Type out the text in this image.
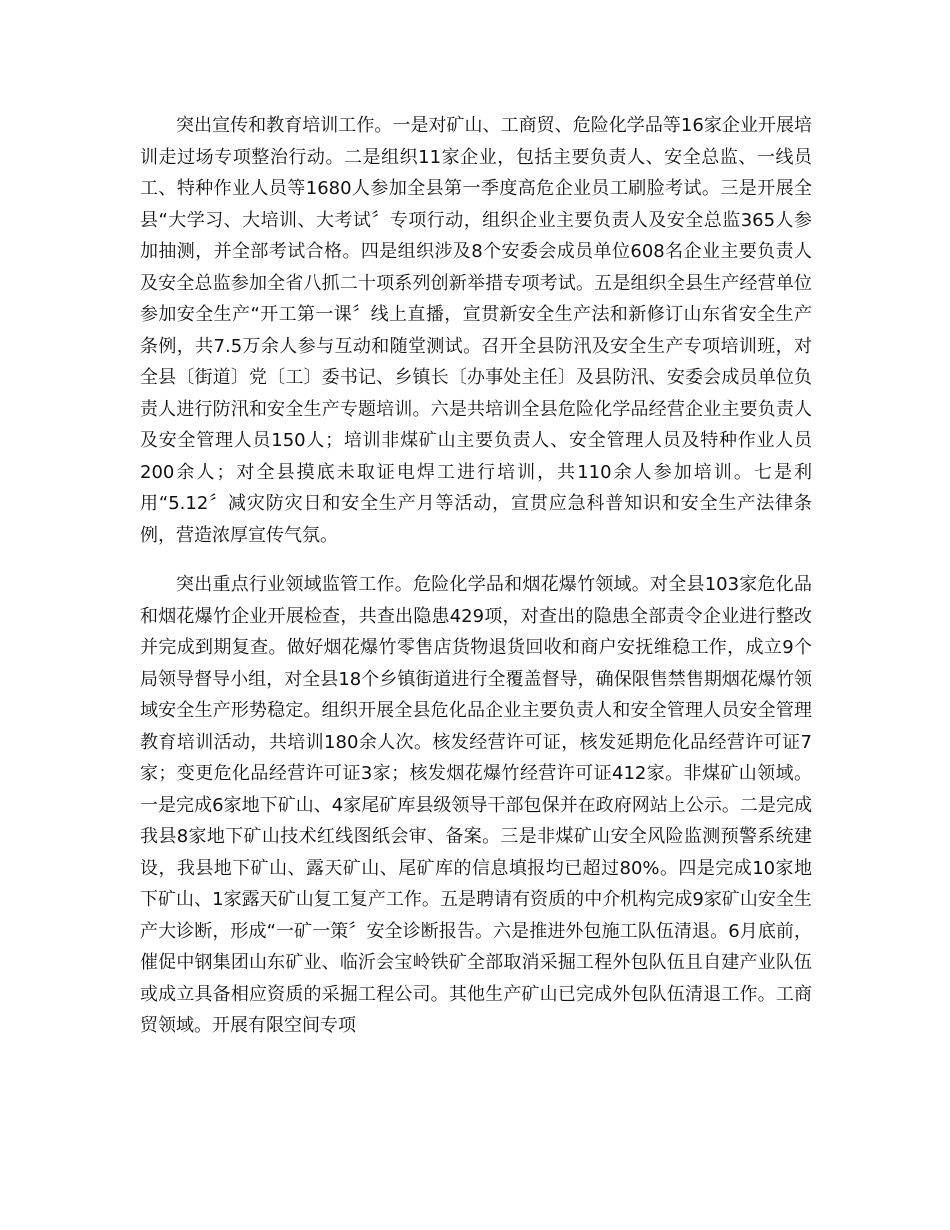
突出宣传和教育培训工作。一是对矿山、工商贸、危险化学品等16家企业开展培训走过场专项整治行动。二是组织11家企业，包括主要负责人、安全总监、一线员工、特种作业人员等1680人参加全县第一季度高危企业员工刷脸考试。三是开展全县“大学习、大培训、大考试〞专项行动，组织企业主要负责人及安全总监365人参加抽测，并全部考试合格。四是组织涉及8个安委会成员单位608名企业主要负责人及安全总监参加全省八抓二十项系列创新举措专项考试。五是组织全县生产经营单位参加安全生产“开工第一课〞线上直播，宣贯新安全生产法和新修订山东省安全生产条例，共7.5万余人参与互动和随堂测试。召开全县防汛及安全生产专项培训班，对全县〔街道〕党〔工〕委书记、乡镇长〔办事处主任〕及县防汛、安委会成员单位负责人进行防汛和安全生产专题培训。六是共培训全县危险化学品经营企业主要负责人及安全管理人员150人；培训非煤矿山主要负责人、安全管理人员及特种作业人员200余人；对全县摸底未取证电焊工进行培训，共110余人参加培训。七是利用“5.12〞减灾防灾日和安全生产月等活动，宣贯应急科普知识和安全生产法律条例，营造浓厚宣传气氛。

突出重点行业领域监管工作。危险化学品和烟花爆竹领域。对全县103家危化品和烟花爆竹企业开展检查，共查出隐患429项，对查出的隐患全部责令企业进行整改并完成到期复查。做好烟花爆竹零售店货物退货回收和商户安抚维稳工作，成立9个局领导督导小组，对全县18个乡镇街道进行全覆盖督导，确保限售禁售期烟花爆竹领域安全生产形势稳定。组织开展全县危化品企业主要负责人和安全管理人员安全管理教育培训活动，共培训180余人次。核发经营许可证，核发延期危化品经营许可证7家；变更危化品经营许可证3家；核发烟花爆竹经营许可证412家。非煤矿山领域。一是完成6家地下矿山、4家尾矿库县级领导干部包保并在政府网站上公示。二是完成我县8家地下矿山技术红线图纸会审、备案。三是非煤矿山安全风险监测预警系统建设，我县地下矿山、露天矿山、尾矿库的信息填报均已超过80%。四是完成10家地下矿山、1家露天矿山复工复产工作。五是聘请有资质的中介机构完成9家矿山安全生产大诊断，形成“一矿一策〞安全诊断报告。六是推进外包施工队伍清退。6月底前，催促中钢集团山东矿业、临沂会宝岭铁矿全部取消采掘工程外包队伍且自建产业队伍或成立具备相应资质的采掘工程公司。其他生产矿山已完成外包队伍清退工作。工商贸领域。开展有限空间专项
